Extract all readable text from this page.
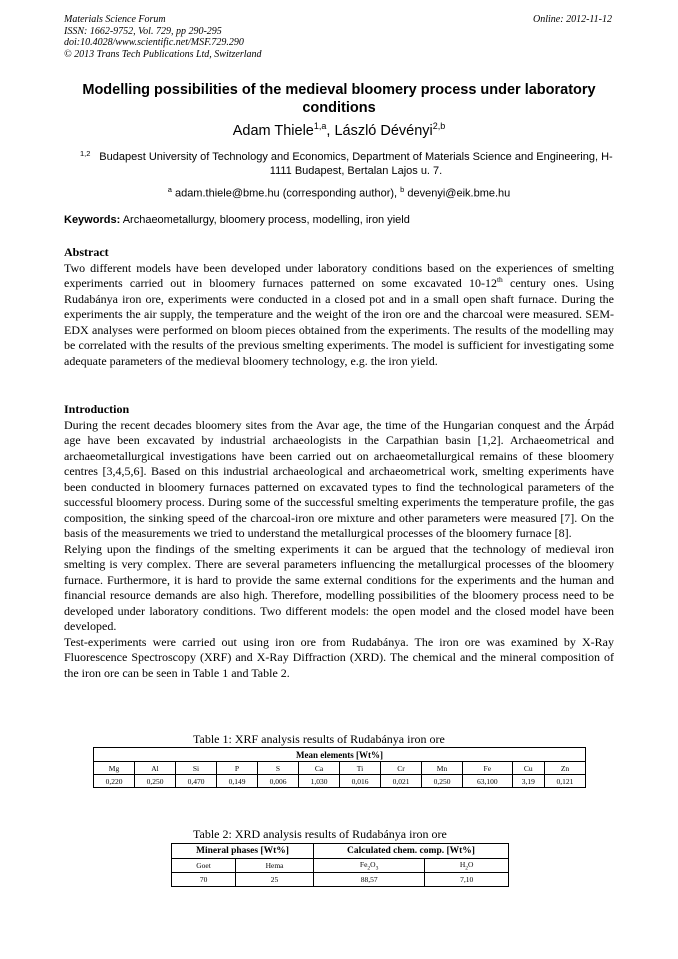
Materials Science Forum
ISSN: 1662-9752, Vol. 729, pp 290-295
doi:10.4028/www.scientific.net/MSF.729.290
© 2013 Trans Tech Publications Ltd, Switzerland
Online: 2012-11-12
Modelling possibilities of the medieval bloomery process under laboratory conditions
Adam Thiele$^{1,a}$, László Dévényi$^{2,b}$
1,2 Budapest University of Technology and Economics, Department of Materials Science and Engineering, H-1111 Budapest, Bertalan Lajos u. 7.
$^a$ adam.thiele@bme.hu (corresponding author), $^b$ devenyi@eik.bme.hu
Keywords: Archaeometallurgy, bloomery process, modelling, iron yield
Abstract

Two different models have been developed under laboratory conditions based on the experiences of smelting experiments carried out in bloomery furnaces patterned on some excavated 10-12th century ones. Using Rudabánya iron ore, experiments were conducted in a closed pot and in a small open shaft furnace. During the experiments the air supply, the temperature and the weight of the iron ore and the charcoal were measured. SEM-EDX analyses were performed on bloom pieces obtained from the experiments. The results of the modelling may be correlated with the results of the previous smelting experiments. The model is sufficient for investigating some adequate parameters of the medieval bloomery technology, e.g. the iron yield.

Introduction

During the recent decades bloomery sites from the Avar age, the time of the Hungarian conquest and the Árpád age have been excavated by industrial archaeologists in the Carpathian basin [1,2]. Archaeometrical and archaeometallurgical investigations have been carried out on archaeometallurgical remains of these bloomery centres [3,4,5,6]. Based on this industrial archaeological and archaeometrical work, smelting experiments have been conducted in bloomery furnaces patterned on excavated types to find the technological parameters of the successful bloomery process. During some of the successful smelting experiments the temperature profile, the gas composition, the sinking speed of the charcoal-iron ore mixture and other parameters were measured [7]. On the basis of the measurements we tried to understand the metallurgical processes of the bloomery furnace [8].

Relying upon the findings of the smelting experiments it can be argued that the technology of medieval iron smelting is very complex. There are several parameters influencing the metallurgical processes of the bloomery furnace. Furthermore, it is hard to provide the same external conditions for the experiments and the human and financial resource demands are also high. Therefore, modelling possibilities of the bloomery process need to be developed under laboratory conditions. Two different models: the open model and the closed model have been developed.

Test-experiments were carried out using iron ore from Rudabánya. The iron ore was examined by X-Ray Fluorescence Spectroscopy (XRF) and X-Ray Diffraction (XRD). The chemical and the mineral composition of the iron ore can be seen in Table 1 and Table 2.

Table 1: XRF analysis results of Rudabánya iron ore
Mean elements [Wt%]											
Mg	Al	Si	P	S	Ca	Ti	Cr	Mn	Fe	Cu	Zn
0,220	0,250	0,470	0,149	0,006	1,030	0,016	0,021	0,250	63,100	3,19	0,121
Table 2: XRD analysis results of Rudabánya iron ore
Mineral phases [Wt%]		Calculated chem. comp. [Wt%]	
Goet	Hema	$Fe_2O_3$	$H_2O$
70	25	88,57	7,10
